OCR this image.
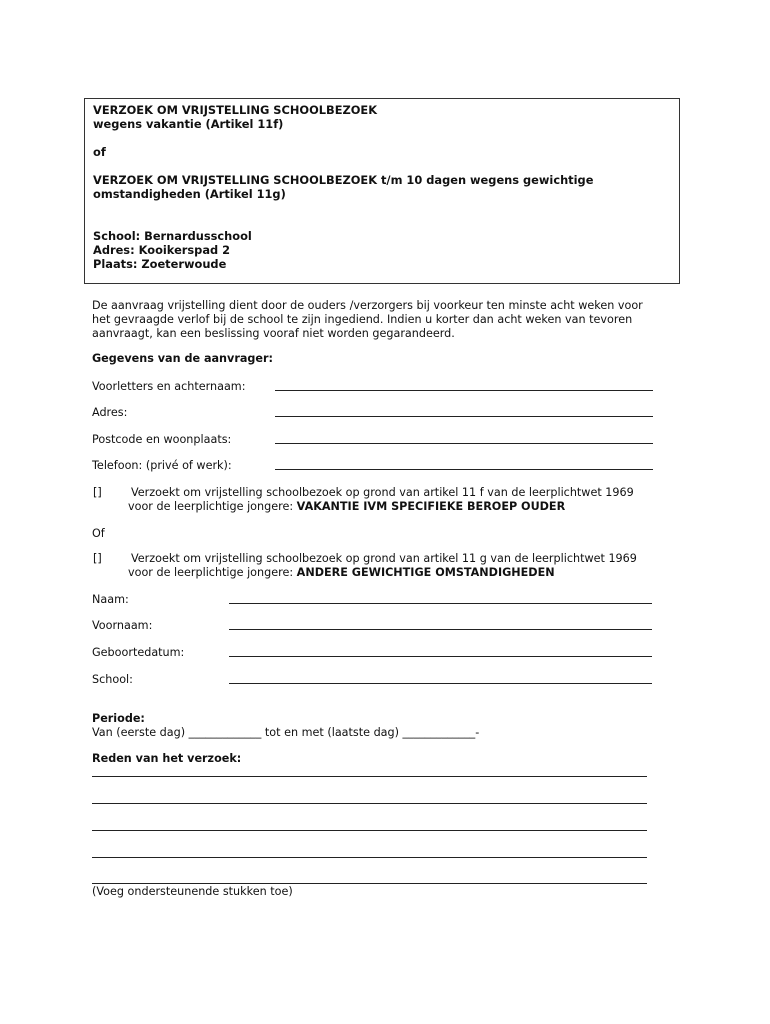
VERZOEK OM VRIJSTELLING SCHOOLBEZOEK
wegens vakantie (Artikel 11f)
of
VERZOEK OM VRIJSTELLING SCHOOLBEZOEK t/m 10 dagen wegens gewichtige
omstandigheden (Artikel 11g)
School: Bernardusschool
Adres: Kooikerspad 2
Plaats: Zoeterwoude
De aanvraag vrijstelling dient door de ouders /verzorgers bij voorkeur ten minste acht weken voor
het gevraagde verlof bij de school te zijn ingediend. Indien u korter dan acht weken van tevoren
aanvraagt, kan een beslissing vooraf niet worden gegarandeerd.
Gegevens van de aanvrager:
Voorletters en achternaam:
Adres:
Postcode en woonplaats:
Telefoon: (privé of werk):
[]	Verzoekt om vrijstelling schoolbezoek op grond van artikel 11 f van de leerplichtwet 1969
voor de leerplichtige jongere: VAKANTIE IVM SPECIFIEKE BEROEP OUDER
Of
[]	Verzoekt om vrijstelling schoolbezoek op grond van artikel 11 g van de leerplichtwet 1969
voor de leerplichtige jongere: ANDERE GEWICHTIGE OMSTANDIGHEDEN
Naam:
Voornaam:
Geboortedatum:
School:
Periode:
Van (eerste dag) _____________ tot en met (laatste dag) _____________-
Reden van het verzoek:
(Voeg ondersteunende stukken toe)
